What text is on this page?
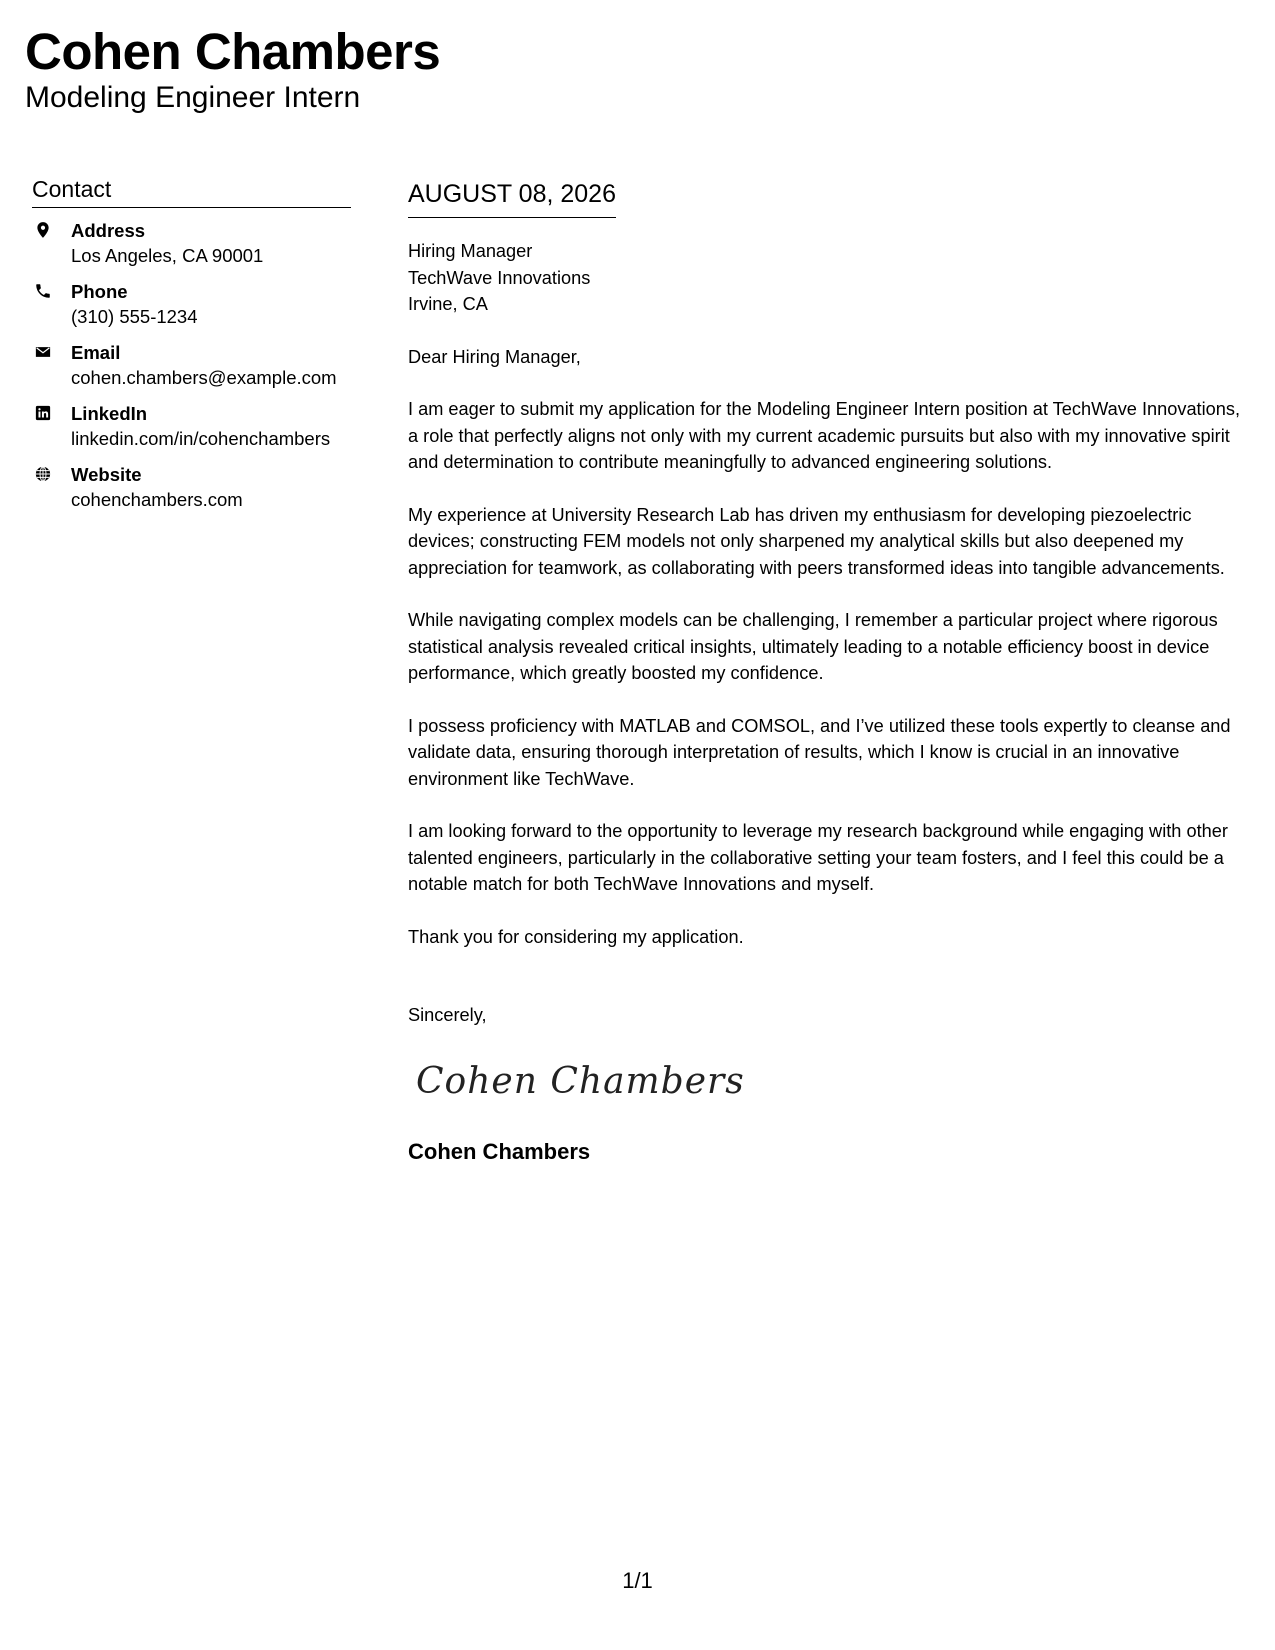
Cohen Chambers
Modeling Engineer Intern
Contact
Address
Los Angeles, CA 90001
Phone
(310) 555-1234
Email
cohen.chambers@example.com
LinkedIn
linkedin.com/in/cohenchambers
Website
cohenchambers.com
AUGUST 08, 2026
Hiring Manager
TechWave Innovations
Irvine, CA

Dear Hiring Manager,

I am eager to submit my application for the Modeling Engineer Intern position at TechWave Innovations, a role that perfectly aligns not only with my current academic pursuits but also with my innovative spirit and determination to contribute meaningfully to advanced engineering solutions.

My experience at University Research Lab has driven my enthusiasm for developing piezoelectric devices; constructing FEM models not only sharpened my analytical skills but also deepened my appreciation for teamwork, as collaborating with peers transformed ideas into tangible advancements.

While navigating complex models can be challenging, I remember a particular project where rigorous statistical analysis revealed critical insights, ultimately leading to a notable efficiency boost in device performance, which greatly boosted my confidence.

I possess proficiency with MATLAB and COMSOL, and I’ve utilized these tools expertly to cleanse and validate data, ensuring thorough interpretation of results, which I know is crucial in an innovative environment like TechWave.

I am looking forward to the opportunity to leverage my research background while engaging with other talented engineers, particularly in the collaborative setting your team fosters, and I feel this could be a notable match for both TechWave Innovations and myself.

Thank you for considering my application.

Sincerely,
Cohen Chambers
Cohen Chambers
1/1
